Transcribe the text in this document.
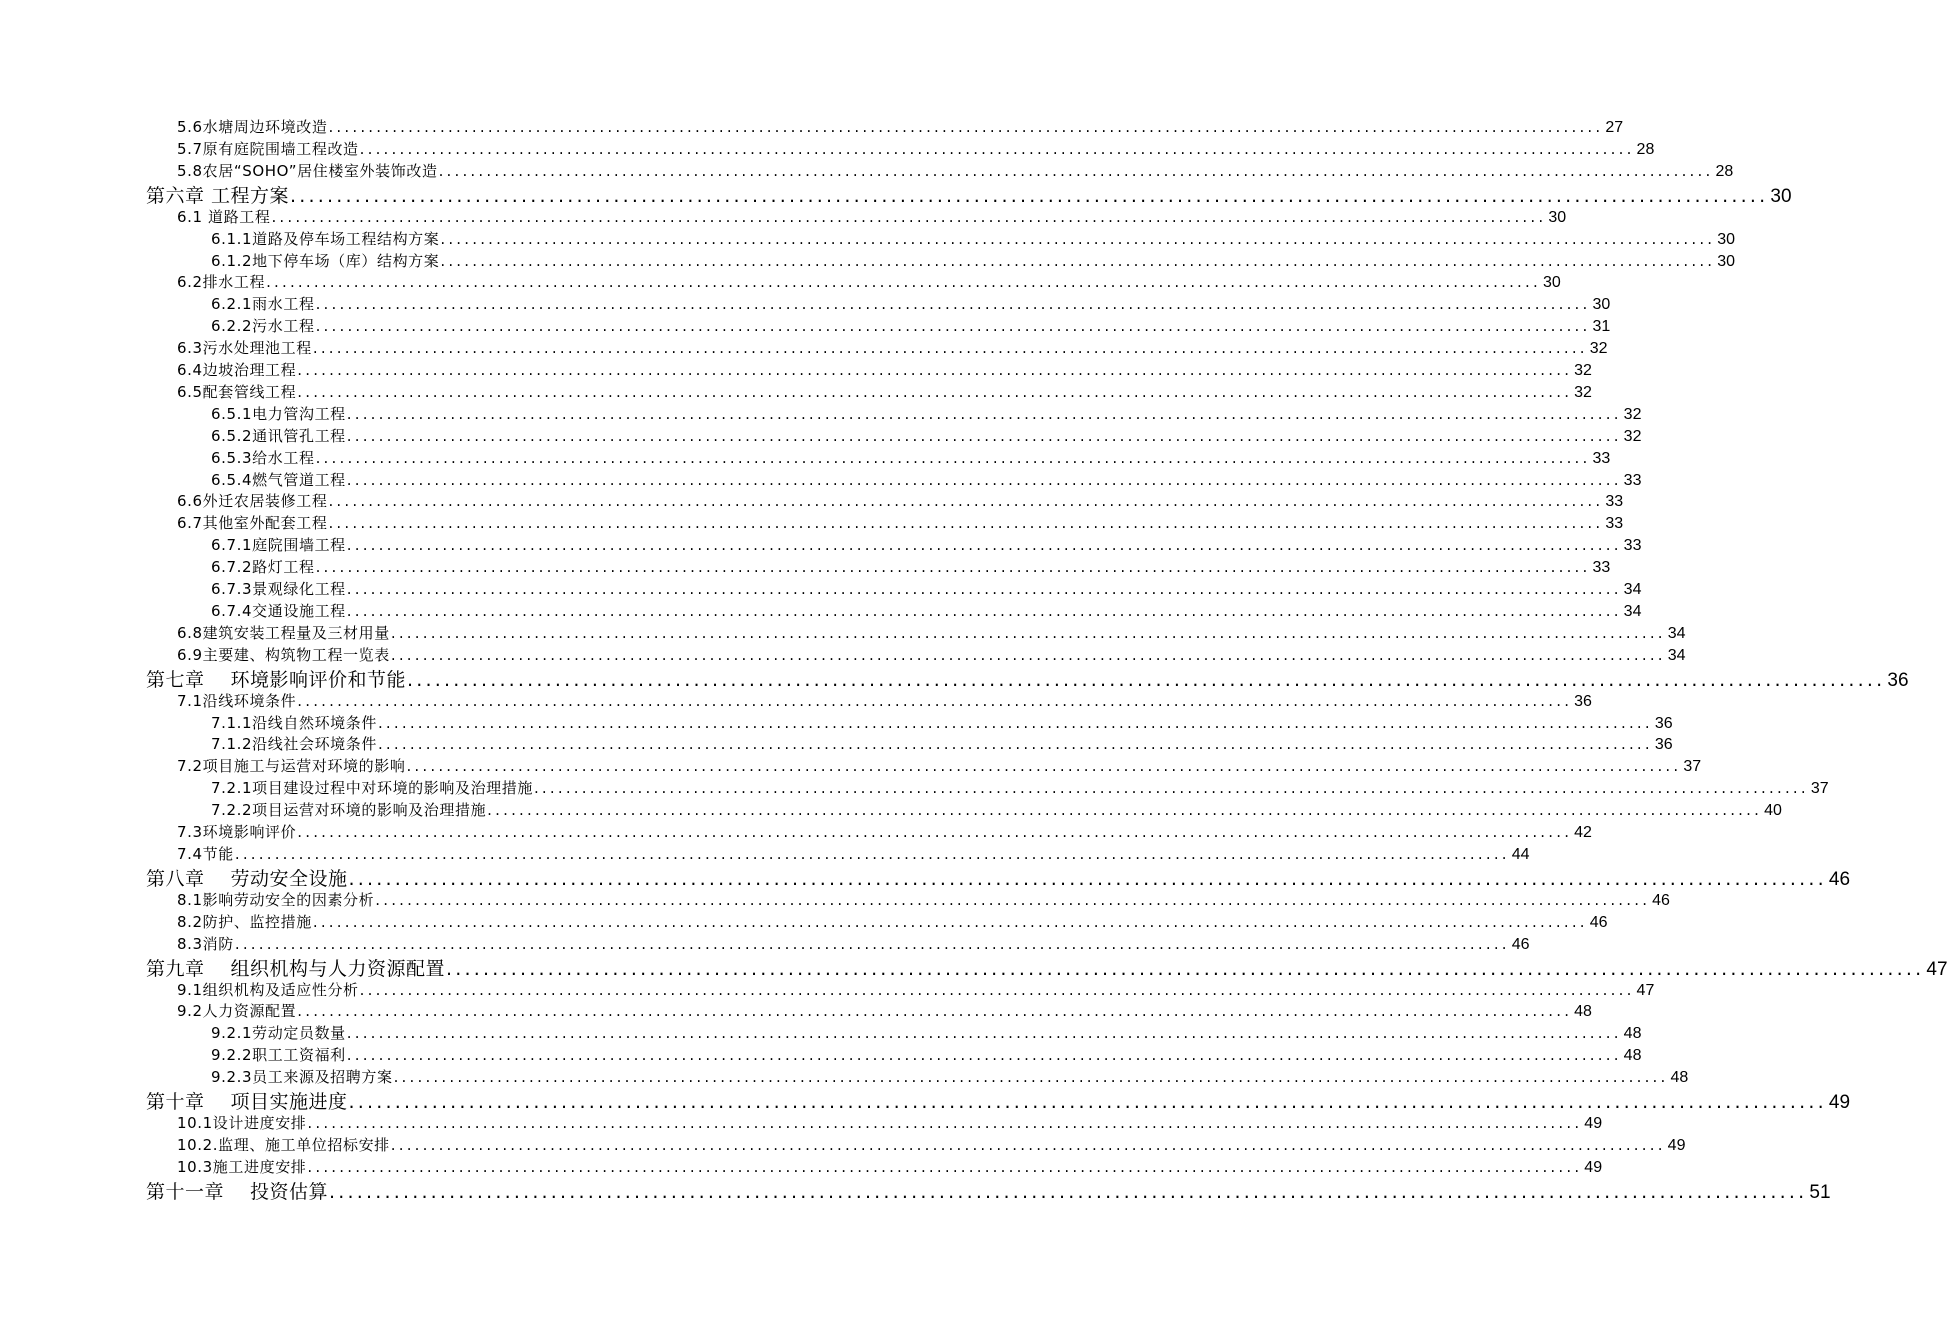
5.6水塘周边环境改造 ................................................................................................................................................................ 27
5.7原有庭院围墙工程改造 ................................................................................................................................................................ 28
5.8农居“SOHO”居住楼室外装饰改造 ................................................................................................................................................................ 28
第六章 工程方案 ................................................................................................................................................................ 30
6.1 道路工程 ................................................................................................................................................................ 30
6.1.1道路及停车场工程结构方案 ................................................................................................................................................................ 30
6.1.2地下停车场（库）结构方案 ................................................................................................................................................................ 30
6.2排水工程 ................................................................................................................................................................ 30
6.2.1雨水工程 ................................................................................................................................................................ 30
6.2.2污水工程 ................................................................................................................................................................ 31
6.3污水处理池工程 ................................................................................................................................................................ 32
6.4边坡治理工程 ................................................................................................................................................................ 32
6.5配套管线工程 ................................................................................................................................................................ 32
6.5.1电力管沟工程 ................................................................................................................................................................ 32
6.5.2通讯管孔工程 ................................................................................................................................................................ 32
6.5.3给水工程 ................................................................................................................................................................ 33
6.5.4燃气管道工程 ................................................................................................................................................................ 33
6.6外迁农居装修工程 ................................................................................................................................................................ 33
6.7其他室外配套工程 ................................................................................................................................................................ 33
6.7.1庭院围墙工程 ................................................................................................................................................................ 33
6.7.2路灯工程 ................................................................................................................................................................ 33
6.7.3景观绿化工程 ................................................................................................................................................................ 34
6.7.4交通设施工程 ................................................................................................................................................................ 34
6.8建筑安装工程量及三材用量 ................................................................................................................................................................ 34
6.9主要建、构筑物工程一览表 ................................................................................................................................................................ 34
第七章　 环境影响评价和节能 ................................................................................................................................................................ 36
7.1沿线环境条件 ................................................................................................................................................................ 36
7.1.1沿线自然环境条件 ................................................................................................................................................................ 36
7.1.2沿线社会环境条件 ................................................................................................................................................................ 36
7.2项目施工与运营对环境的影响 ................................................................................................................................................................ 37
7.2.1项目建设过程中对环境的影响及治理措施 ................................................................................................................................................................ 37
7.2.2项目运营对环境的影响及治理措施 ................................................................................................................................................................ 40
7.3环境影响评价 ................................................................................................................................................................ 42
7.4节能 ................................................................................................................................................................ 44
第八章　 劳动安全设施 ................................................................................................................................................................ 46
8.1影响劳动安全的因素分析 ................................................................................................................................................................ 46
8.2防护、监控措施 ................................................................................................................................................................ 46
8.3消防 ................................................................................................................................................................ 46
第九章　 组织机构与人力资源配置 ................................................................................................................................................................ 47
9.1组织机构及适应性分析 ................................................................................................................................................................ 47
9.2人力资源配置 ................................................................................................................................................................ 48
9.2.1劳动定员数量 ................................................................................................................................................................ 48
9.2.2职工工资福利 ................................................................................................................................................................ 48
9.2.3员工来源及招聘方案 ................................................................................................................................................................ 48
第十章　 项目实施进度 ................................................................................................................................................................ 49
10.1设计进度安排 ................................................................................................................................................................ 49
10.2.监理、施工单位招标安排 ................................................................................................................................................................ 49
10.3施工进度安排 ................................................................................................................................................................ 49
第十一章　 投资估算 ................................................................................................................................................................ 51
